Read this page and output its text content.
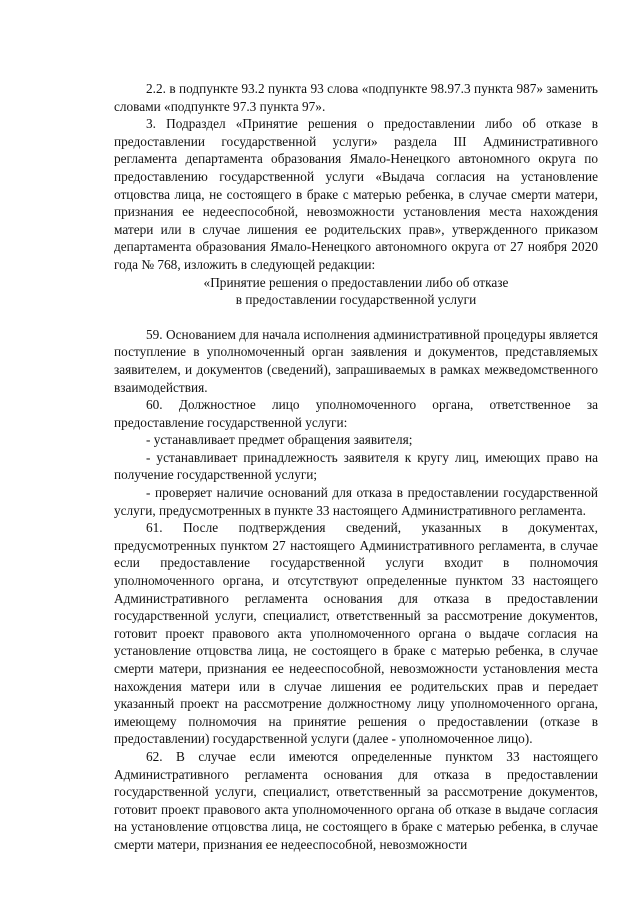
2.2. в подпункте 93.2 пункта 93 слова «подпункте 98.97.3 пункта 987» заменить словами «подпункте 97.3 пункта 97».

3. Подраздел «Принятие решения о предоставлении либо об отказе в предоставлении государственной услуги» раздела III Административного регламента департамента образования Ямало-Ненецкого автономного округа по предоставлению государственной услуги «Выдача согласия на установление отцовства лица, не состоящего в браке с матерью ребенка, в случае смерти матери, признания ее недееспособной, невозможности установления места нахождения матери или в случае лишения ее родительских прав», утвержденного приказом департамента образования Ямало-Ненецкого автономного округа от 27 ноября 2020 года № 768, изложить в следующей редакции:

«Принятие решения о предоставлении либо об отказе

в предоставлении государственной услуги

59. Основанием для начала исполнения административной процедуры является поступление в уполномоченный орган заявления и документов, представляемых заявителем, и документов (сведений), запрашиваемых в рамках межведомственного взаимодействия.

60. Должностное лицо уполномоченного органа, ответственное за предоставление государственной услуги:

- устанавливает предмет обращения заявителя;

- устанавливает принадлежность заявителя к кругу лиц, имеющих право на получение государственной услуги;

- проверяет наличие оснований для отказа в предоставлении государственной услуги, предусмотренных в пункте 33 настоящего Административного регламента.

61. После подтверждения сведений, указанных в документах, предусмотренных пунктом 27 настоящего Административного регламента, в случае если предоставление государственной услуги входит в полномочия уполномоченного органа, и отсутствуют определенные пунктом 33 настоящего Административного регламента основания для отказа в предоставлении государственной услуги, специалист, ответственный за рассмотрение документов, готовит проект правового акта уполномоченного органа о выдаче согласия на установление отцовства лица, не состоящего в браке с матерью ребенка, в случае смерти матери, признания ее недееспособной, невозможности установления места нахождения матери или в случае лишения ее родительских прав и передает указанный проект на рассмотрение должностному лицу уполномоченного органа, имеющему полномочия на принятие решения о предоставлении (отказе в предоставлении) государственной услуги (далее - уполномоченное лицо).

62. В случае если имеются определенные пунктом 33 настоящего Административного регламента основания для отказа в предоставлении государственной услуги, специалист, ответственный за рассмотрение документов, готовит проект правового акта уполномоченного органа об отказе в выдаче согласия на установление отцовства лица, не состоящего в браке с матерью ребенка, в случае смерти матери, признания ее недееспособной, невозможности
